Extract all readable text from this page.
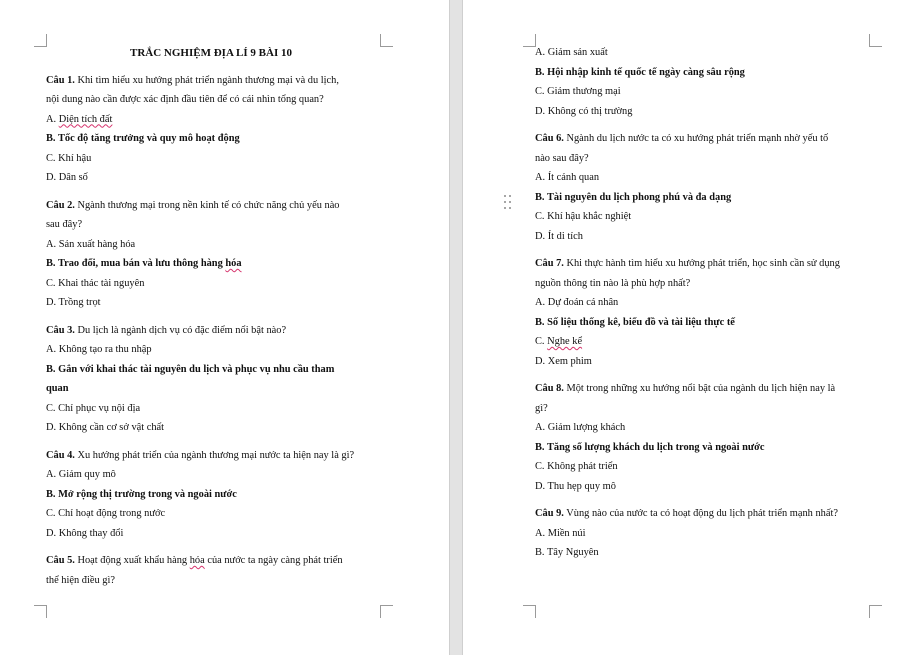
TRẮC NGHIỆM ĐỊA LÍ 9 BÀI 10

Câu 1. Khi tìm hiểu xu hướng phát triển ngành thương mại và du lịch,

nội dung nào cần được xác định đầu tiên để có cái nhìn tổng quan?

A. Diện tích đất

B. Tốc độ tăng trưởng và quy mô hoạt động

C. Khí hậu

D. Dân số

Câu 2. Ngành thương mại trong nền kinh tế có chức năng chủ yếu nào

sau đây?

A. Sản xuất hàng hóa

B. Trao đổi, mua bán và lưu thông hàng hóa

C. Khai thác tài nguyên

D. Trồng trọt

Câu 3. Du lịch là ngành dịch vụ có đặc điểm nổi bật nào?

A. Không tạo ra thu nhập

B. Gắn với khai thác tài nguyên du lịch và phục vụ nhu cầu tham

quan

C. Chỉ phục vụ nội địa

D. Không cần cơ sở vật chất

Câu 4. Xu hướng phát triển của ngành thương mại nước ta hiện nay là gì?

A. Giảm quy mô

B. Mở rộng thị trường trong và ngoài nước

C. Chỉ hoạt động trong nước

D. Không thay đổi

Câu 5. Hoạt động xuất khẩu hàng hóa của nước ta ngày càng phát triển

thể hiện điều gì?

A. Giảm sản xuất

B. Hội nhập kinh tế quốc tế ngày càng sâu rộng

C. Giảm thương mại

D. Không có thị trường

Câu 6. Ngành du lịch nước ta có xu hướng phát triển mạnh nhờ yếu tố

nào sau đây?

A. Ít cảnh quan

B. Tài nguyên du lịch phong phú và đa dạng

C. Khí hậu khắc nghiệt

D. Ít di tích

Câu 7. Khi thực hành tìm hiểu xu hướng phát triển, học sinh cần sử dụng

nguồn thông tin nào là phù hợp nhất?

A. Dự đoán cá nhân

B. Số liệu thống kê, biểu đồ và tài liệu thực tế

C. Nghe kể

D. Xem phim

Câu 8. Một trong những xu hướng nổi bật của ngành du lịch hiện nay là

gì?

A. Giảm lượng khách

B. Tăng số lượng khách du lịch trong và ngoài nước

C. Không phát triển

D. Thu hẹp quy mô

Câu 9. Vùng nào của nước ta có hoạt động du lịch phát triển mạnh nhất?

A. Miền núi

B. Tây Nguyên
